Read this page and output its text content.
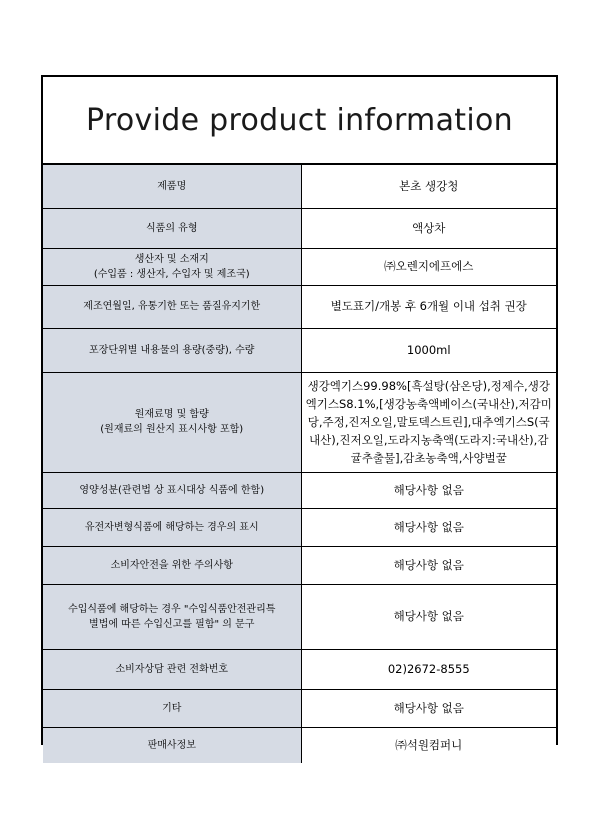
Provide product information
제품명	본초 생강청

식품의 유형	액상차

생산자 및 소재지
(수입품 : 생산자, 수입자 및 제조국)	㈜오렌지에프에스

제조연월일, 유통기한 또는 품질유지기한	별도표기/개봉 후 6개월 이내 섭취 권장

포장단위별 내용물의 용량(중량), 수량	1000ml

원재료명 및 함량
(원재료의 원산지 표시사항 포함)	생강엑기스99.98%[흑설탕(삼온당),정제수,생강엑기스S8.1%,[생강농축액베이스(국내산),저감미당,주정,진저오일,말토덱스트린],대추엑기스S(국내산),진저오일,도라지농축액(도라지:국내산),감귤추출물],감초농축액,사양벌꿀

영양성분(관련법 상 표시대상 식품에 한함)	해당사항 없음

유전자변형식품에 해당하는 경우의 표시	해당사항 없음

소비자안전을 위한 주의사항	해당사항 없음

수입식품에 해당하는 경우 "수입식품안전관리특
별법에 따른 수입신고를 필함" 의 문구	해당사항 없음

소비자상담 관련 전화번호	02)2672-8555

기타	해당사항 없음

판매사정보	㈜석원컴퍼니
